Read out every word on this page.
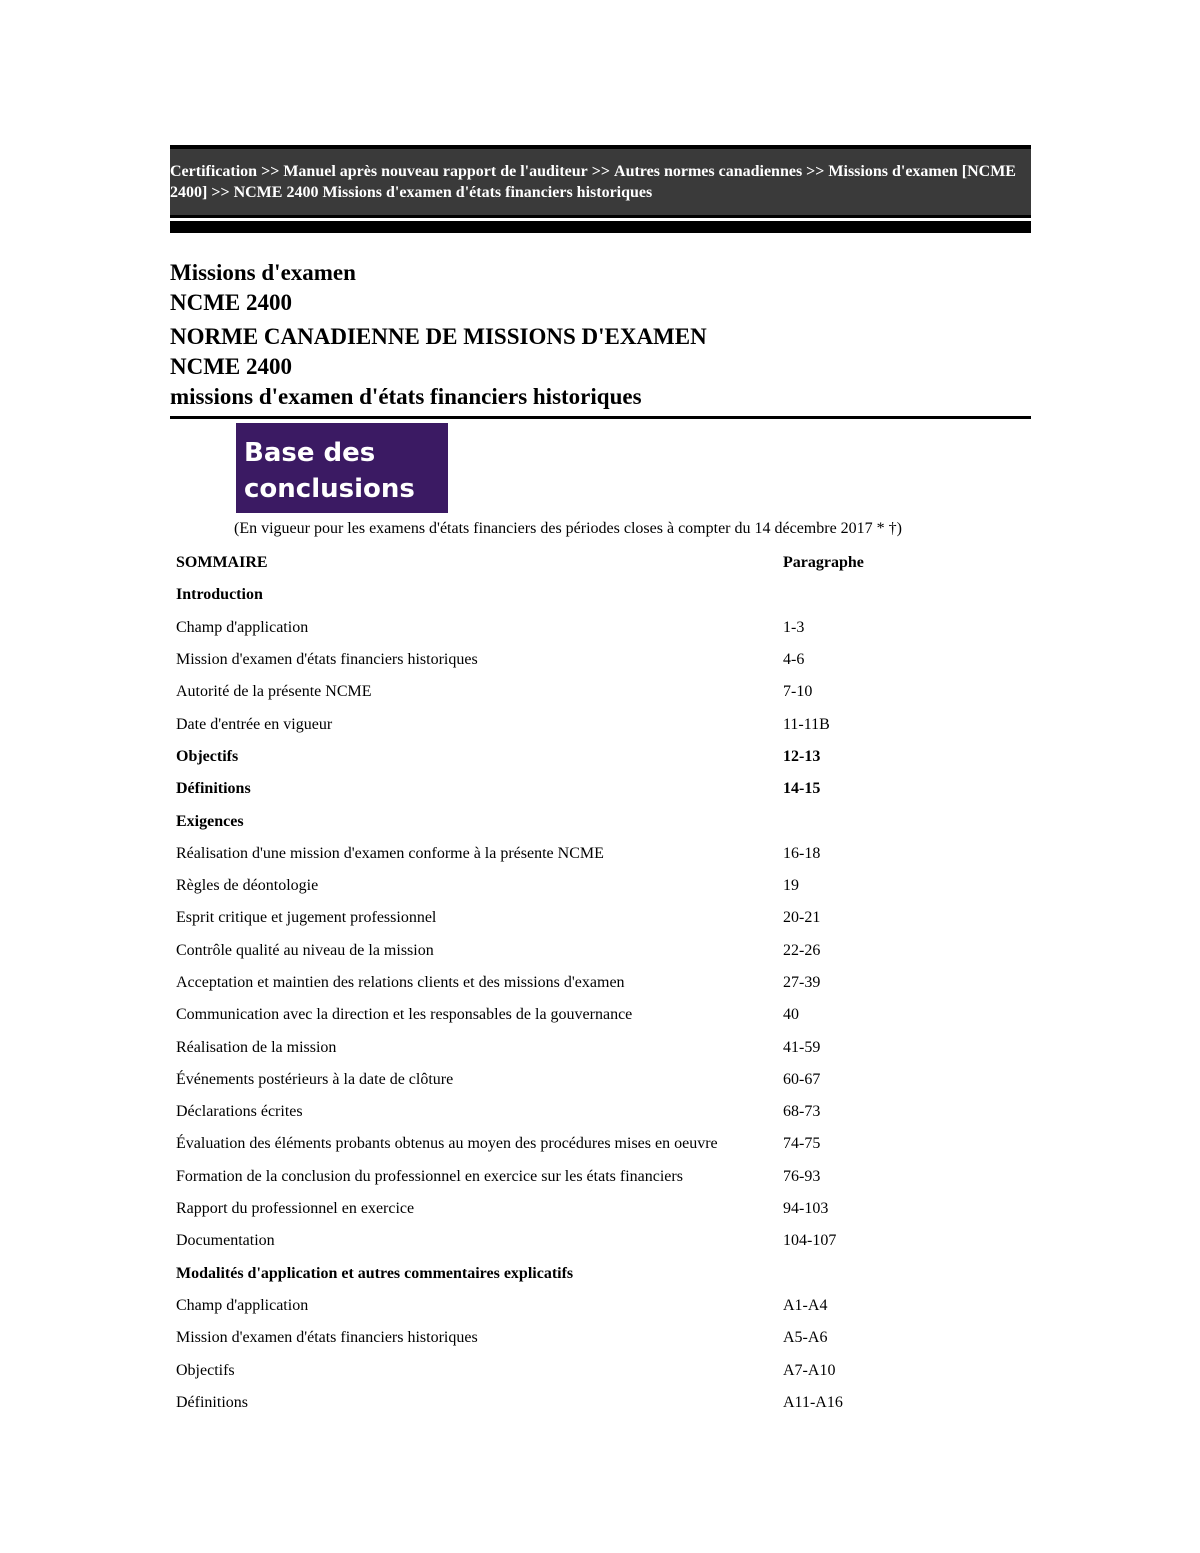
Certification >> Manuel après nouveau rapport de l'auditeur >> Autres normes canadiennes >> Missions d'examen [NCME 2400] >> NCME 2400 Missions d'examen d'états financiers historiques
Missions d'examen
NCME 2400
NORME CANADIENNE DE MISSIONS D'EXAMEN
NCME 2400
missions d'examen d'états financiers historiques
Base des
conclusions
(En vigueur pour les examens d'états financiers des périodes closes à compter du 14 décembre 2017 * †)
SOMMAIRE	Paragraphe
Introduction	
Champ d'application	1-3
Mission d'examen d'états financiers historiques	4-6
Autorité de la présente NCME	7-10
Date d'entrée en vigueur	11-11B
Objectifs	12-13
Définitions	14-15
Exigences	
Réalisation d'une mission d'examen conforme à la présente NCME	16-18
Règles de déontologie	19
Esprit critique et jugement professionnel	20-21
Contrôle qualité au niveau de la mission	22-26
Acceptation et maintien des relations clients et des missions d'examen	27-39
Communication avec la direction et les responsables de la gouvernance	40
Réalisation de la mission	41-59
Événements postérieurs à la date de clôture	60-67
Déclarations écrites	68-73
Évaluation des éléments probants obtenus au moyen des procédures mises en oeuvre	74-75
Formation de la conclusion du professionnel en exercice sur les états financiers	76-93
Rapport du professionnel en exercice	94-103
Documentation	104-107
Modalités d'application et autres commentaires explicatifs	
Champ d'application	A1-A4
Mission d'examen d'états financiers historiques	A5-A6
Objectifs	A7-A10
Définitions	A11-A16
